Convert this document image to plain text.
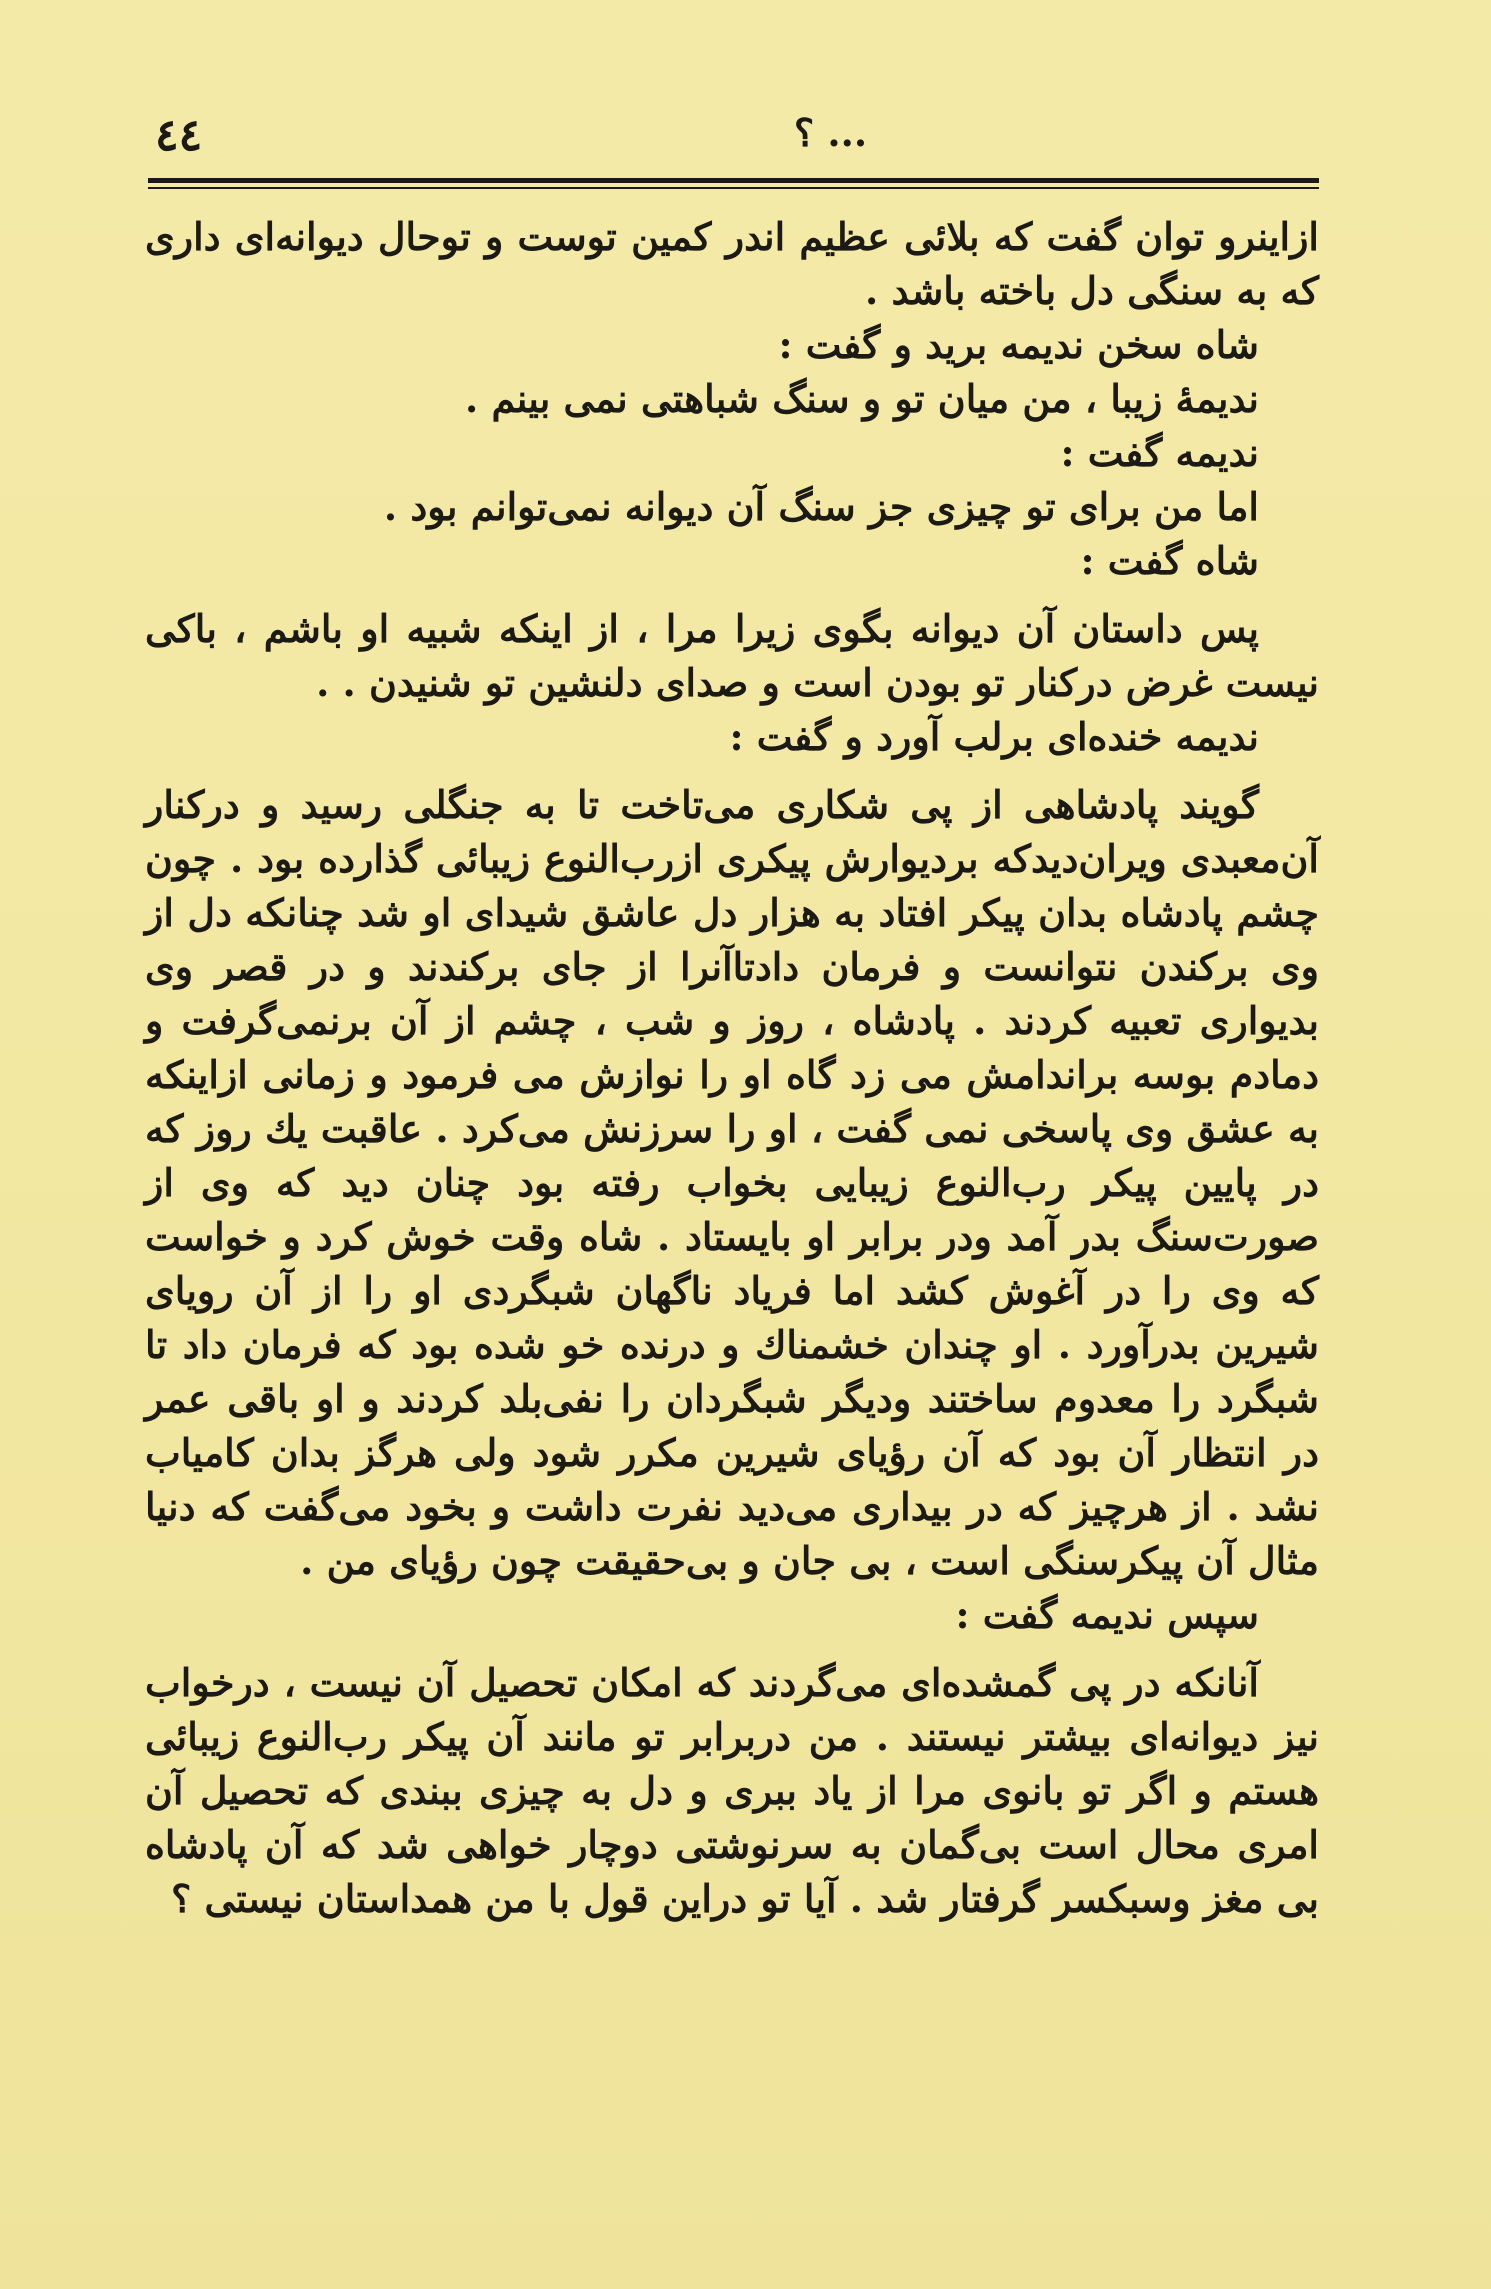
٤٤	؟ ...

ازاینرو توان گفت که بلائی عظیم اندر کمین توست و توحال دیوانه‌ای داری که به سنگی دل باخته باشد .

شاه سخن ندیمه برید و گفت :

ندیمهٔ زیبا ، من میان تو و سنگ شباهتی نمی بینم .

ندیمه گفت :

اما من برای تو چیزی جز سنگ آن دیوانه نمی‌توانم بود .

شاه گفت :

پس داستان آن دیوانه بگوی زیرا مرا ، از اینکه شبیه او باشم ، باکی نیست غرض درکنار تو بودن است و صدای دلنشین تو شنیدن . .

ندیمه خنده‌ای برلب آورد و گفت :

گویند پادشاهی از پی شکاری می‌تاخت تا به جنگلی رسید و درکنار آن‌معبدی ویران‌دیدکه بردیوارش پیکری ازرب‌النوع زیبائی گذارده بود . چون چشم پادشاه بدان پیکر افتاد به هزار دل عاشق شیدای او شد چنانکه دل از وی برکندن نتوانست و فرمان دادتاآنرا از جای برکندند و در قصر وی بدیواری تعبیه کردند . پادشاه ، روز و شب ، چشم از آن برنمی‌گرفت و دمادم بوسه براندامش می زد گاه او را نوازش می فرمود و زمانی ازاینکه به عشق وی پاسخی نمی گفت ، او را سرزنش می‌کرد . عاقبت یك روز که در پایین پیکر رب‌النوع زیبایی بخواب رفته بود چنان دید که وی از صورت‌سنگ بدر آمد ودر برابر او بایستاد . شاه وقت خوش کرد و خواست که وی را در آغوش کشد اما فریاد ناگهان شبگردی او را از آن رویای شیرین بدرآورد . او چندان خشمناك و درنده خو شده بود که فرمان داد تا شبگرد را معدوم ساختند ودیگر شبگردان را نفی‌بلد کردند و او باقی عمر در انتظار آن بود که آن رؤیای شیرین مکرر شود ولی هرگز بدان کامیاب نشد . از هرچیز که در بیداری می‌دید نفرت داشت و بخود می‌گفت که دنیا مثال آن پیکرسنگی است ، بی جان و بی‌حقیقت چون رؤیای من .

سپس ندیمه گفت :

آنانکه در پی گمشده‌ای می‌گردند که امکان تحصیل آن نیست ، درخواب نیز دیوانه‌ای بیشتر نیستند . من دربرابر تو مانند آن پیکر رب‌النوع زیبائی هستم و اگر تو بانوی مرا از یاد ببری و دل به چیزی ببندی که تحصیل آن امری محال است بی‌گمان به سرنوشتی دوچار خواهی شد که آن پادشاه بی مغز وسبکسر گرفتار شد . آیا تو دراین قول با من همداستان نیستی ؟
